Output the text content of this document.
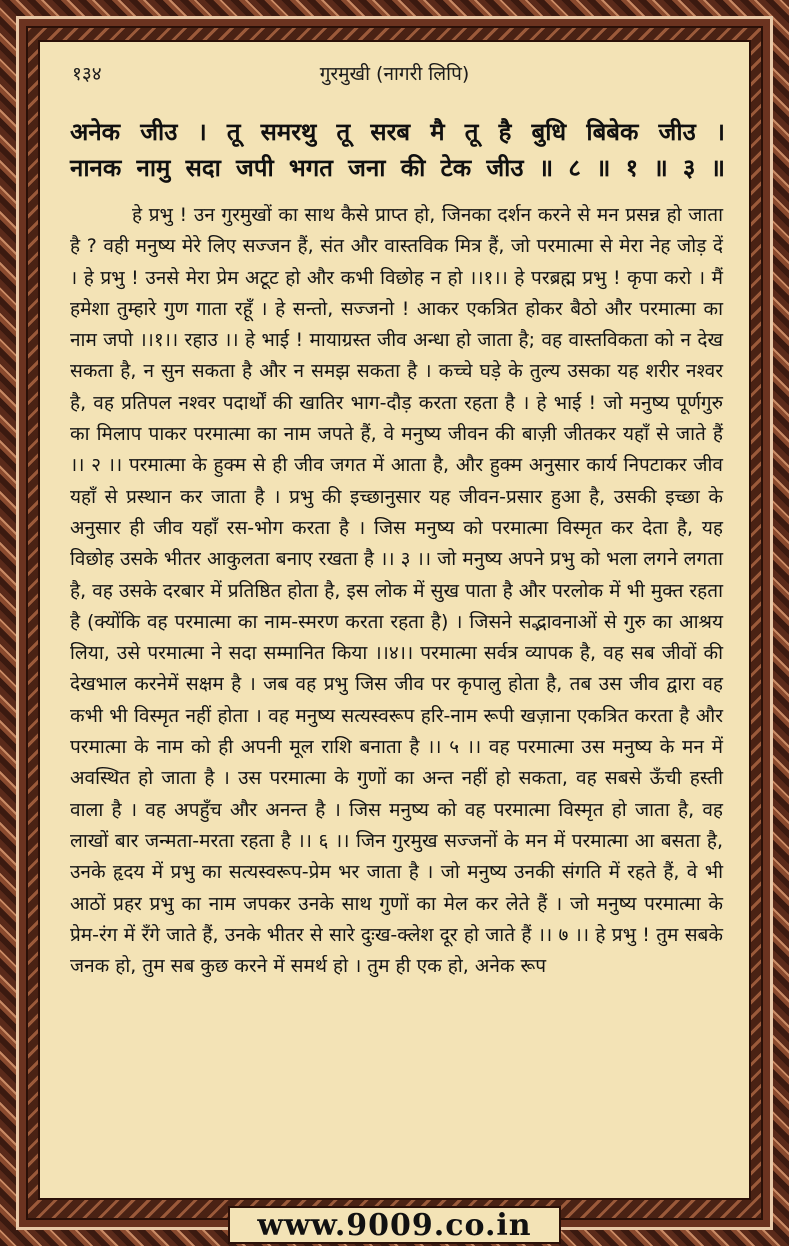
१३४	गुरमुखी (नागरी लिपि)
अनेक जीउ । तू समरथु तू सरब मै तू है बुधि बिबेक जीउ ।
नानक नामु सदा जपी भगत जना की टेक जीउ ॥ ८ ॥ १ ॥ ३ ॥
हे प्रभु ! उन गुरमुखों का साथ कैसे प्राप्त हो, जिनका दर्शन करने से मन प्रसन्न हो जाता है ? वही मनुष्य मेरे लिए सज्जन हैं, संत और वास्तविक मित्र हैं, जो परमात्मा से मेरा नेह जोड़ दें । हे प्रभु ! उनसे मेरा प्रेम अटूट हो और कभी विछोह न हो ।।१।। हे परब्रह्म प्रभु ! कृपा करो । मैं हमेशा तुम्हारे गुण गाता रहूँ । हे सन्तो, सज्जनो ! आकर एकत्रित होकर बैठो और परमात्मा का नाम जपो ।।१।। रहाउ ।। हे भाई ! मायाग्रस्त जीव अन्धा हो जाता है; वह वास्तविकता को न देख सकता है, न सुन सकता है और न समझ सकता है । कच्चे घड़े के तुल्य उसका यह शरीर नश्वर है, वह प्रतिपल नश्वर पदार्थों की खातिर भाग-दौड़ करता रहता है । हे भाई ! जो मनुष्य पूर्णगुरु का मिलाप पाकर परमात्मा का नाम जपते हैं, वे मनुष्य जीवन की बाज़ी जीतकर यहाँ से जाते हैं ।। २ ।। परमात्मा के हुक्म से ही जीव जगत में आता है, और हुक्म अनुसार कार्य निपटाकर जीव यहाँ से प्रस्थान कर जाता है । प्रभु की इच्छानुसार यह जीवन-प्रसार हुआ है, उसकी इच्छा के अनुसार ही जीव यहाँ रस-भोग करता है । जिस मनुष्य को परमात्मा विस्मृत कर देता है, यह विछोह उसके भीतर आकुलता बनाए रखता है ।। ३ ।। जो मनुष्य अपने प्रभु को भला लगने लगता है, वह उसके दरबार में प्रतिष्ठित होता है, इस लोक में सुख पाता है और परलोक में भी मुक्त रहता है (क्योंकि वह परमात्मा का नाम-स्मरण करता रहता है) । जिसने सद्भावनाओं से गुरु का आश्रय लिया, उसे परमात्मा ने सदा सम्मानित किया ।।४।। परमात्मा सर्वत्र व्यापक है, वह सब जीवों की देखभाल करनेमें सक्षम है । जब वह प्रभु जिस जीव पर कृपालु होता है, तब उस जीव द्वारा वह कभी भी विस्मृत नहीं होता । वह मनुष्य सत्यस्वरूप हरि-नाम रूपी खज़ाना एकत्रित करता है और परमात्मा के नाम को ही अपनी मूल राशि बनाता है ।। ५ ।। वह परमात्मा उस मनुष्य के मन में अवस्थित हो जाता है । उस परमात्मा के गुणों का अन्त नहीं हो सकता, वह सबसे ऊँची हस्ती वाला है । वह अपहुँच और अनन्त है । जिस मनुष्य को वह परमात्मा विस्मृत हो जाता है, वह लाखों बार जन्मता-मरता रहता है ।। ६ ।। जिन गुरमुख सज्जनों के मन में परमात्मा आ बसता है, उनके हृदय में प्रभु का सत्यस्वरूप-प्रेम भर जाता है । जो मनुष्य उनकी संगति में रहते हैं, वे भी आठों प्रहर प्रभु का नाम जपकर उनके साथ गुणों का मेल कर लेते हैं । जो मनुष्य परमात्मा के प्रेम-रंग में रँगे जाते हैं, उनके भीतर से सारे दुःख-क्लेश दूर हो जाते हैं ।। ७ ।। हे प्रभु ! तुम सबके जनक हो, तुम सब कुछ करने में समर्थ हो । तुम ही एक हो, अनेक रूप
www.9009.co.in
